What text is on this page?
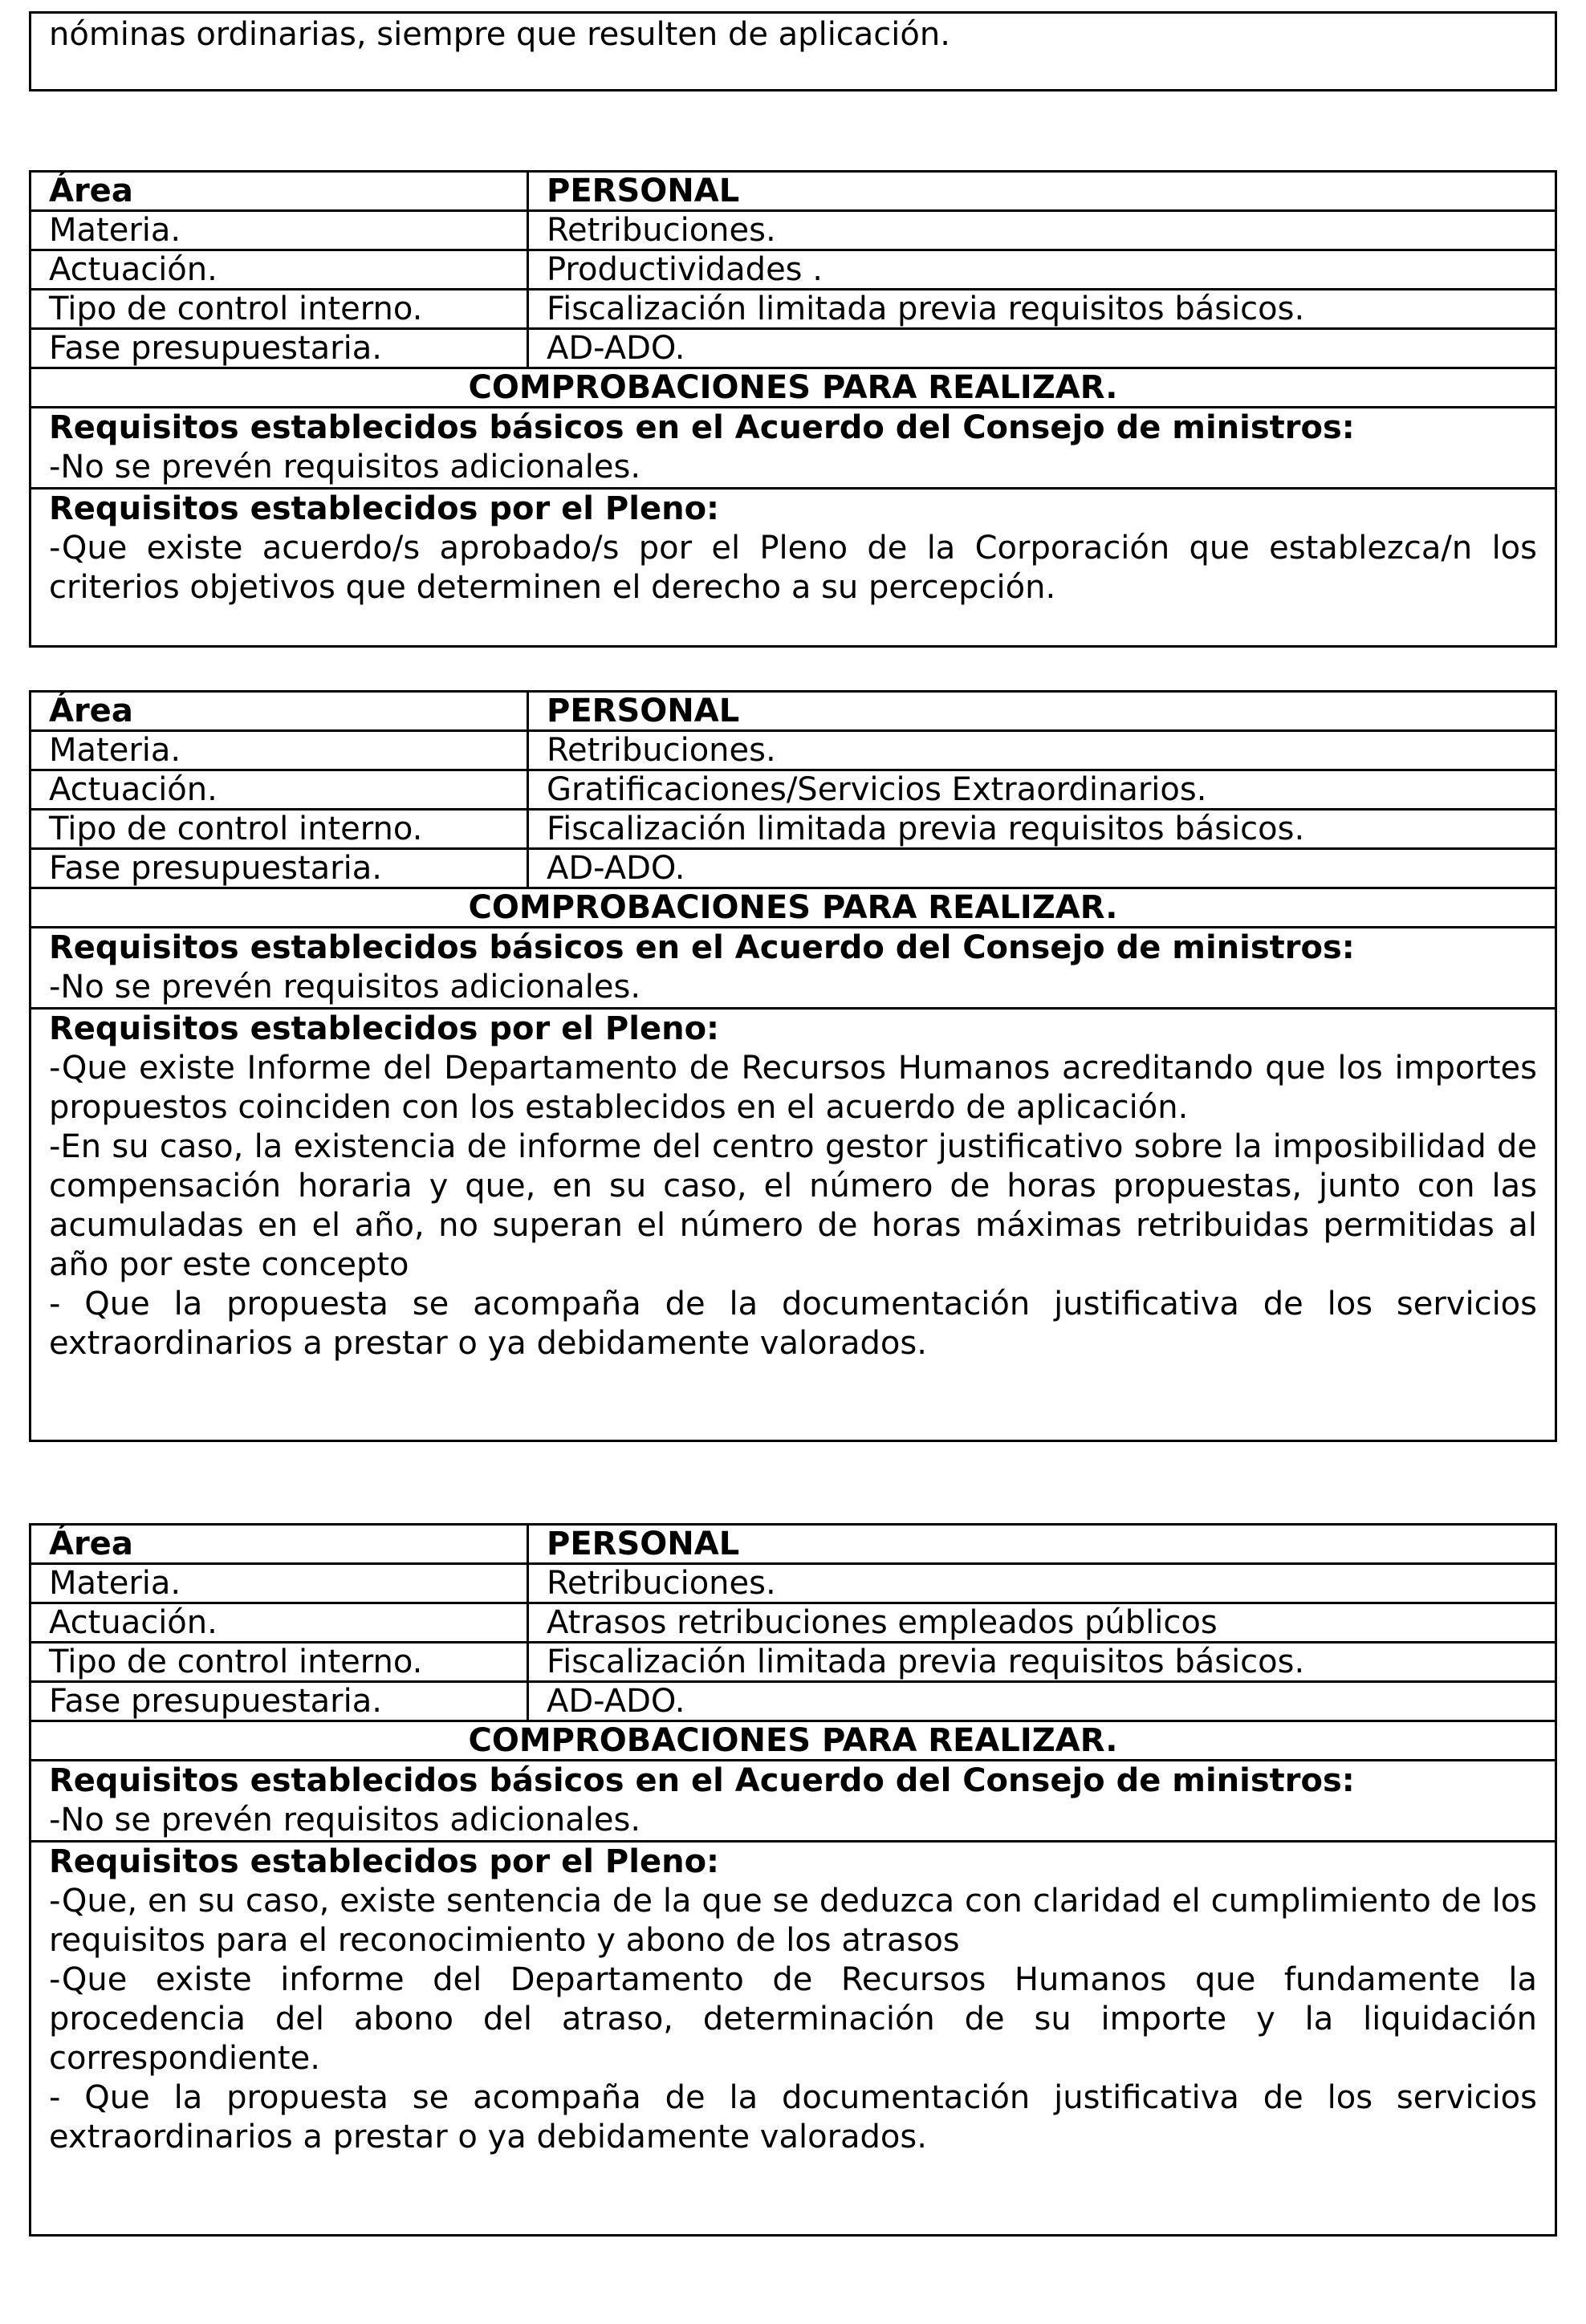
nóminas ordinarias, siempre que resulten de aplicación.
Área	PERSONAL
Materia.	Retribuciones.
Actuación.	Productividades .
Tipo de control interno.	Fiscalización limitada previa requisitos básicos.
Fase presupuestaria.	AD-ADO.
COMPROBACIONES PARA REALIZAR.	

Requisitos establecidos básicos en el Acuerdo del Consejo de ministros:

-No se prevén requisitos adicionales.	

Requisitos establecidos por el Pleno:

-Que existe acuerdo/s aprobado/s por el Pleno de la Corporación que establezca/n los criterios objetivos que determinen el derecho a su percepción.	

Área	PERSONAL
Materia.	Retribuciones.
Actuación.	Gratificaciones/Servicios Extraordinarios.
Tipo de control interno.	Fiscalización limitada previa requisitos básicos.
Fase presupuestaria.	AD-ADO.
COMPROBACIONES PARA REALIZAR.	

Requisitos establecidos básicos en el Acuerdo del Consejo de ministros:

-No se prevén requisitos adicionales.	

Requisitos establecidos por el Pleno:

-Que existe Informe del Departamento de Recursos Humanos acreditando que los importes propuestos coinciden con los establecidos en el acuerdo de aplicación.

-En su caso, la existencia de informe del centro gestor justificativo sobre la imposibilidad de compensación horaria y que, en su caso, el número de horas propuestas, junto con las acumuladas en el año, no superan el número de horas máximas retribuidas permitidas al año por este concepto

- Que la propuesta se acompaña de la documentación justificativa de los servicios extraordinarios a prestar o ya debidamente valorados.	

Área	PERSONAL
Materia.	Retribuciones.
Actuación.	Atrasos retribuciones empleados públicos
Tipo de control interno.	Fiscalización limitada previa requisitos básicos.
Fase presupuestaria.	AD-ADO.
COMPROBACIONES PARA REALIZAR.	

Requisitos establecidos básicos en el Acuerdo del Consejo de ministros:

-No se prevén requisitos adicionales.	

Requisitos establecidos por el Pleno:

-Que, en su caso, existe sentencia de la que se deduzca con claridad el cumplimiento de los requisitos para el reconocimiento y abono de los atrasos

-Que existe informe del Departamento de Recursos Humanos que fundamente la procedencia del abono del atraso, determinación de su importe y la liquidación correspondiente.

- Que la propuesta se acompaña de la documentación justificativa de los servicios extraordinarios a prestar o ya debidamente valorados.	
